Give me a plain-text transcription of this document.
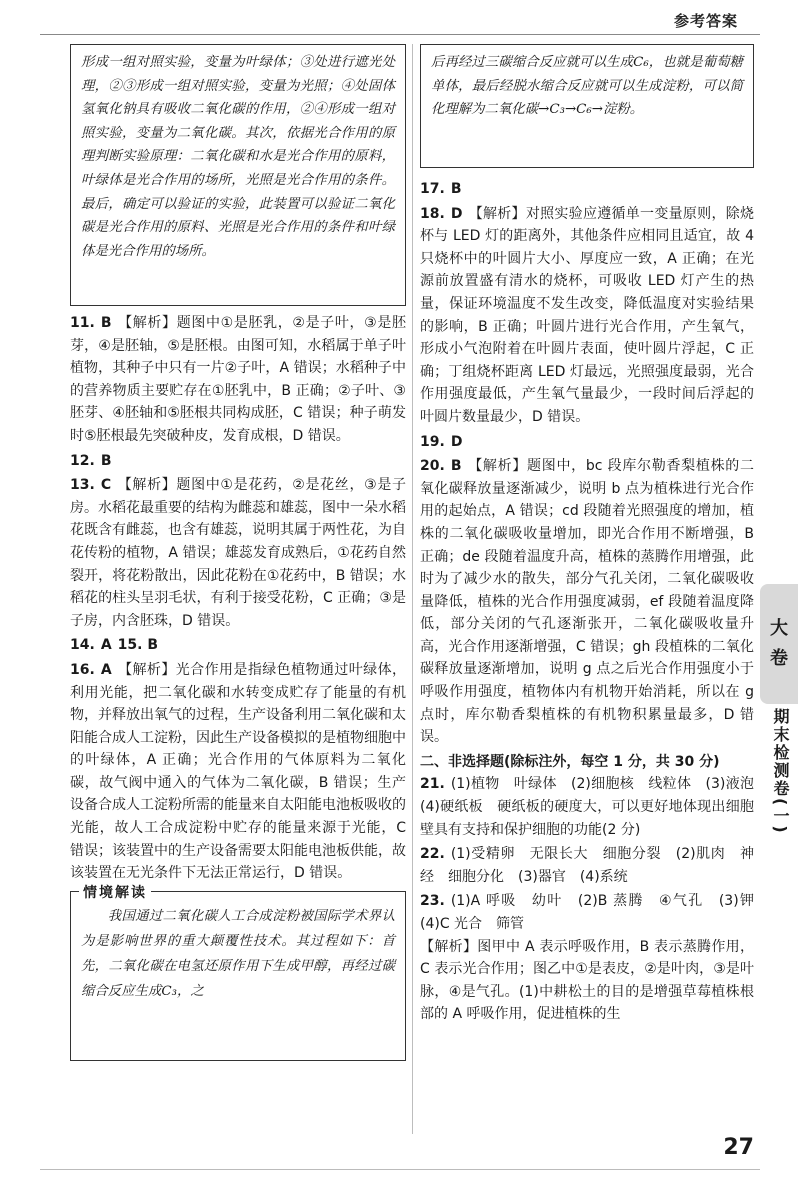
参考答案
形成一组对照实验，变量为叶绿体；③处进行遮光处理，②③形成一组对照实验，变量为光照；④处固体氢氧化钠具有吸收二氧化碳的作用，②④形成一组对照实验，变量为二氧化碳。其次，依据光合作用的原理判断实验原理：二氧化碳和水是光合作用的原料，叶绿体是光合作用的场所，光照是光合作用的条件。最后，确定可以验证的实验，此装置可以验证二氧化碳是光合作用的原料、光照是光合作用的条件和叶绿体是光合作用的场所。

11. B 【解析】题图中①是胚乳，②是子叶，③是胚芽，④是胚轴，⑤是胚根。由图可知，水稻属于单子叶植物，其种子中只有一片②子叶，A 错误；水稻种子中的营养物质主要贮存在①胚乳中，B 正确；②子叶、③胚芽、④胚轴和⑤胚根共同构成胚，C 错误；种子萌发时⑤胚根最先突破种皮，发育成根，D 错误。

12. B

13. C 【解析】题图中①是花药，②是花丝，③是子房。水稻花最重要的结构为雌蕊和雄蕊，图中一朵水稻花既含有雌蕊，也含有雄蕊，说明其属于两性花，为自花传粉的植物，A 错误；雄蕊发育成熟后，①花药自然裂开，将花粉散出，因此花粉在①花药中，B 错误；水稻花的柱头呈羽毛状，有利于接受花粉，C 正确；③是子房，内含胚珠，D 错误。

14. A 15. B

16. A 【解析】光合作用是指绿色植物通过叶绿体，利用光能，把二氧化碳和水转变成贮存了能量的有机物，并释放出氧气的过程，生产设备利用二氧化碳和太阳能合成人工淀粉，因此生产设备模拟的是植物细胞中的叶绿体，A 正确；光合作用的气体原料为二氧化碳，故气阀中通入的气体为二氧化碳，B 错误；生产设备合成人工淀粉所需的能量来自太阳能电池板吸收的光能，故人工合成淀粉中贮存的能量来源于光能，C 错误；该装置中的生产设备需要太阳能电池板供能，故该装置在无光条件下无法正常运行，D 错误。

情境解读
我国通过二氧化碳人工合成淀粉被国际学术界认为是影响世界的重大颠覆性技术。其过程如下：首先，二氧化碳在电氢还原作用下生成甲醇，再经过碳缩合反应生成C₃，之
后再经过三碳缩合反应就可以生成C₆，也就是葡萄糖单体，最后经脱水缩合反应就可以生成淀粉，可以简化理解为二氧化碳→C₃→C₆→淀粉。

17. B

18. D 【解析】对照实验应遵循单一变量原则，除烧杯与 LED 灯的距离外，其他条件应相同且适宜，故 4 只烧杯中的叶圆片大小、厚度应一致，A 正确；在光源前放置盛有清水的烧杯，可吸收 LED 灯产生的热量，保证环境温度不发生改变，降低温度对实验结果的影响，B 正确；叶圆片进行光合作用，产生氧气，形成小气泡附着在叶圆片表面，使叶圆片浮起，C 正确；丁组烧杯距离 LED 灯最远，光照强度最弱，光合作用强度最低，产生氧气量最少，一段时间后浮起的叶圆片数量最少，D 错误。

19. D

20. B 【解析】题图中，bc 段库尔勒香梨植株的二氧化碳释放量逐渐减少，说明 b 点为植株进行光合作用的起始点，A 错误；cd 段随着光照强度的增加，植株的二氧化碳吸收量增加，即光合作用不断增强，B 正确；de 段随着温度升高，植株的蒸腾作用增强，此时为了减少水的散失，部分气孔关闭，二氧化碳吸收量降低，植株的光合作用强度减弱，ef 段随着温度降低，部分关闭的气孔逐渐张开，二氧化碳吸收量升高，光合作用逐渐增强，C 错误；gh 段植株的二氧化碳释放量逐渐增加，说明 g 点之后光合作用强度小于呼吸作用强度，植物体内有机物开始消耗，所以在 g 点时，库尔勒香梨植株的有机物积累量最多，D 错误。

二、非选择题(除标注外，每空 1 分，共 30 分)

21. (1)植物　叶绿体　(2)细胞核　线粒体　(3)液泡　(4)硬纸板　硬纸板的硬度大，可以更好地体现出细胞壁具有支持和保护细胞的功能(2 分)

22. (1)受精卵　无限长大　细胞分裂　(2)肌肉　神经　细胞分化　(3)器官　(4)系统

23. (1)A 呼吸　幼叶　(2)B 蒸腾　④气孔　(3)钾　(4)C 光合　筛管

【解析】图甲中 A 表示呼吸作用，B 表示蒸腾作用，C 表示光合作用；图乙中①是表皮，②是叶肉，③是叶脉，④是气孔。(1)中耕松土的目的是增强草莓植株根部的 A 呼吸作用，促进植株的生

大
卷
期末检测卷(一)
27
